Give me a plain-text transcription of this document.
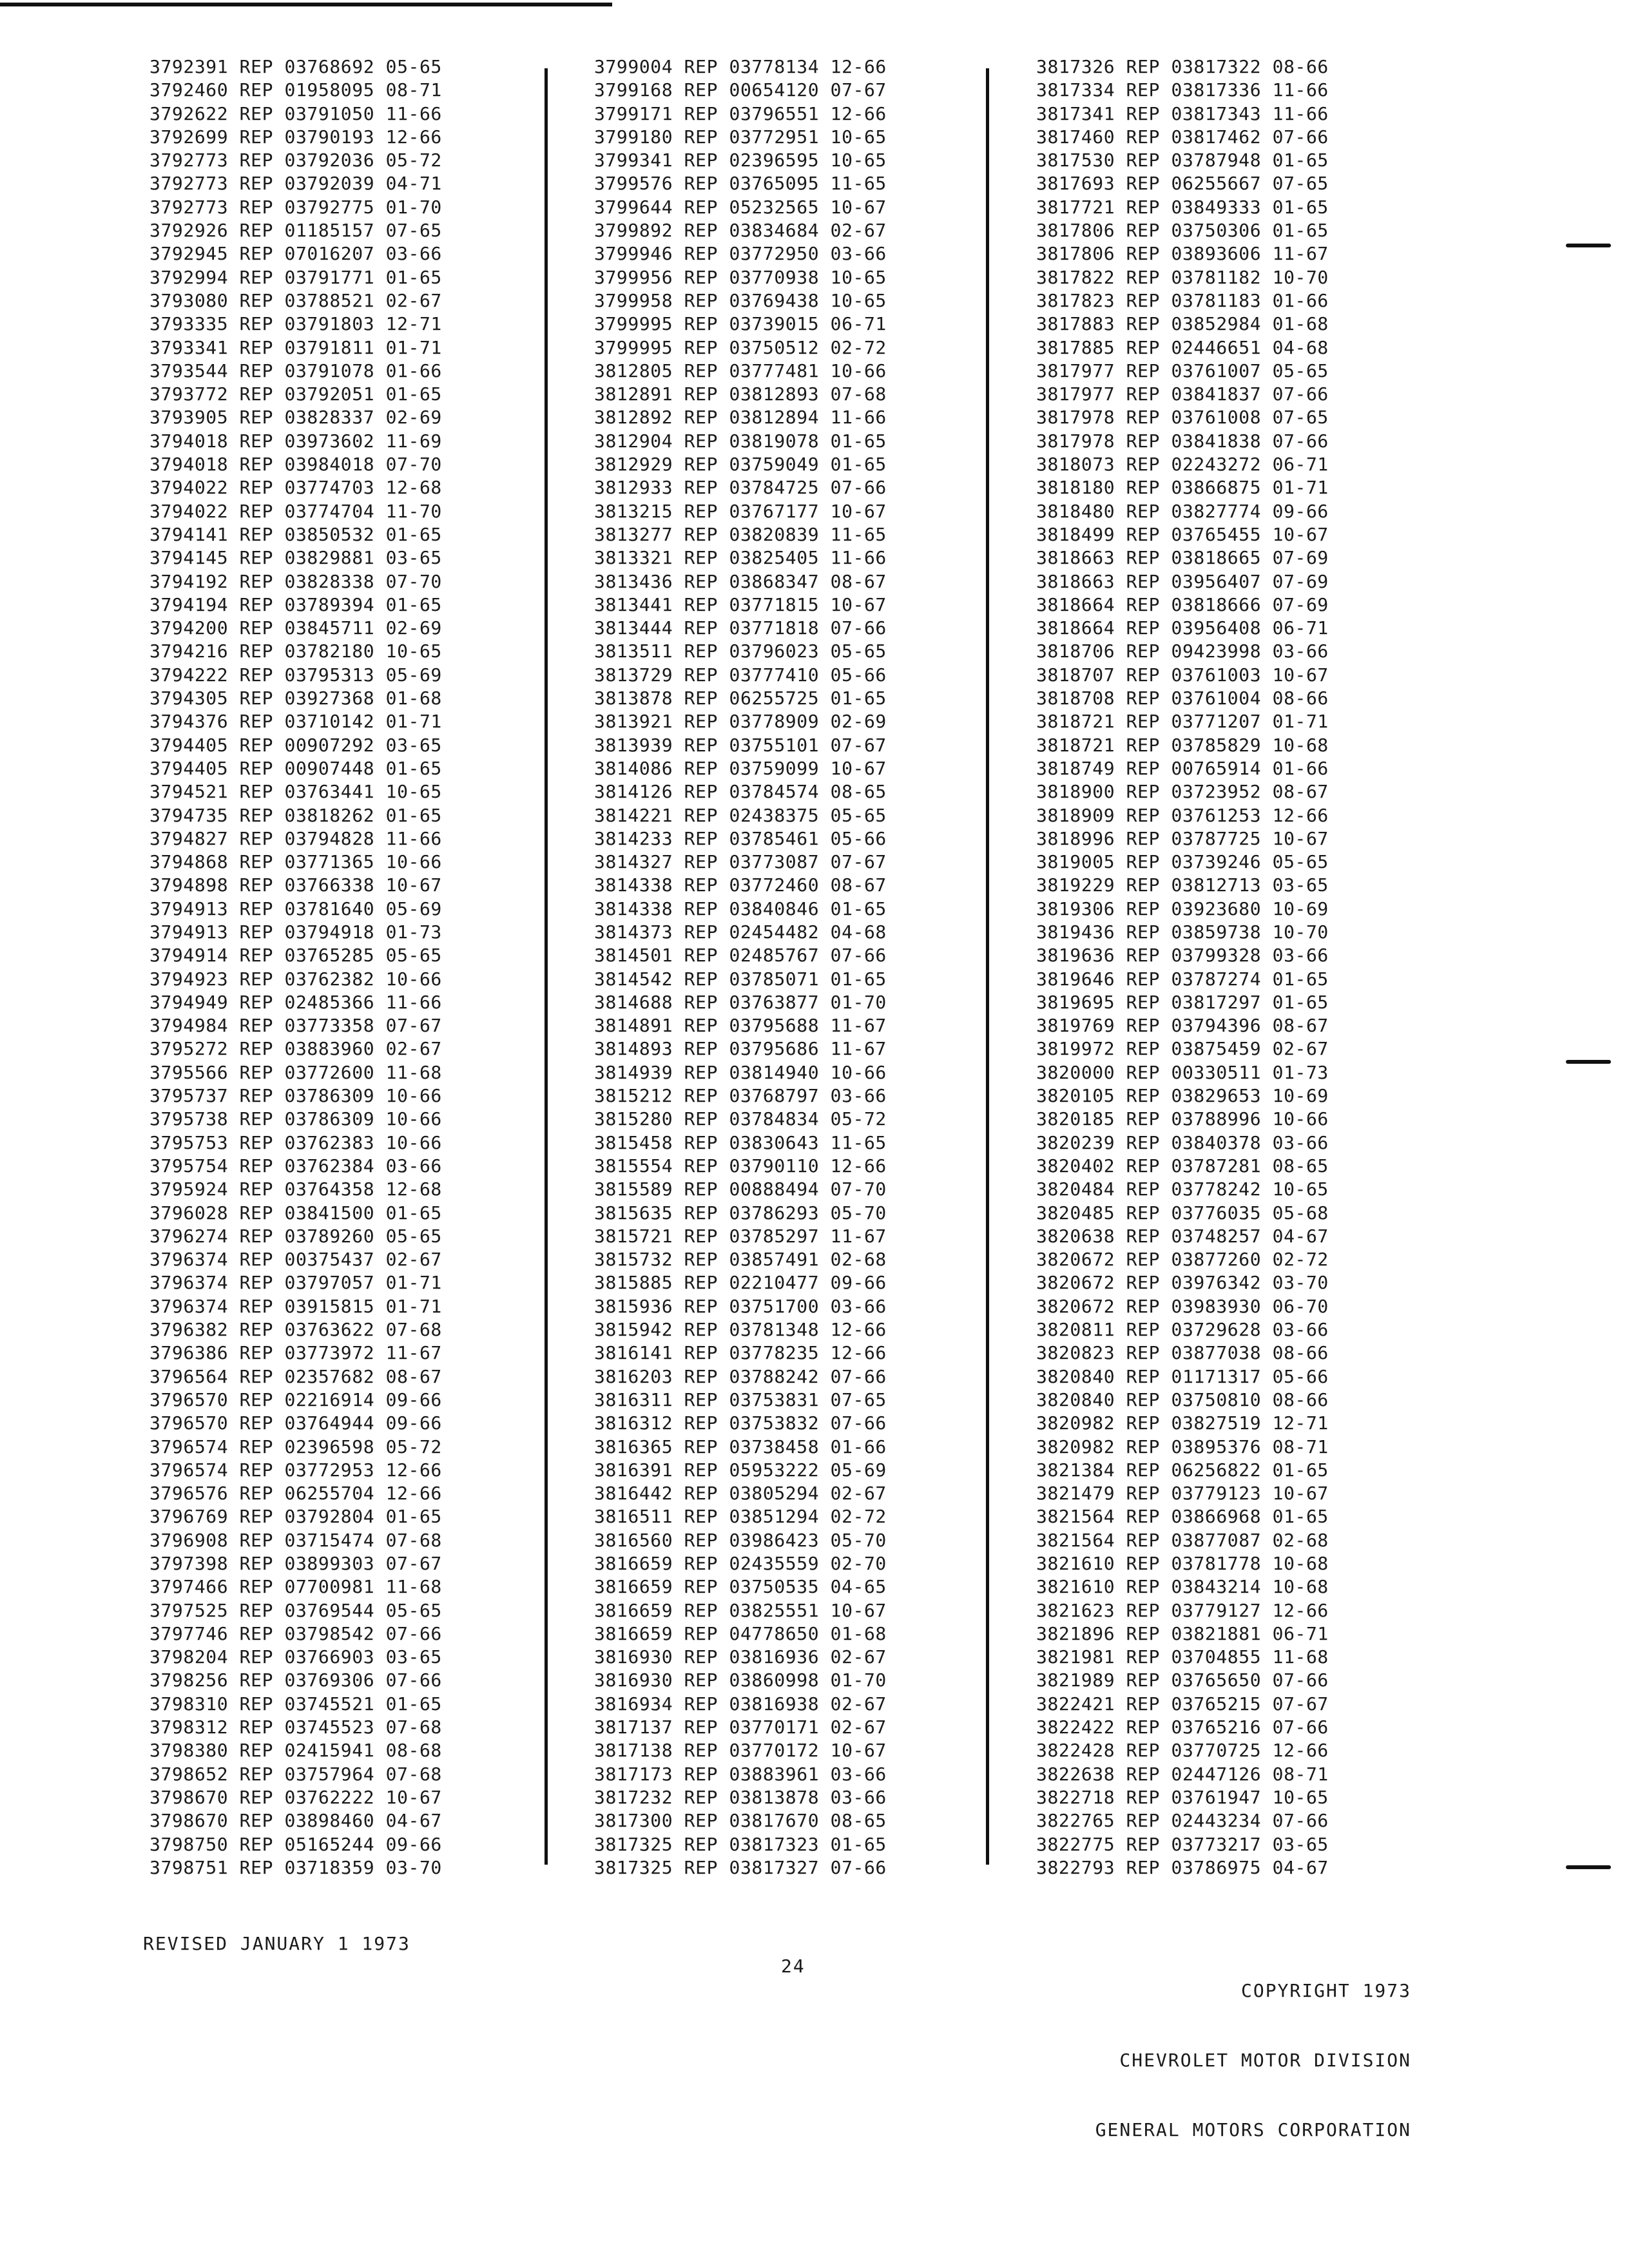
3792391 REP 03768692 05-65
3792460 REP 01958095 08-71
3792622 REP 03791050 11-66
3792699 REP 03790193 12-66
3792773 REP 03792036 05-72
3792773 REP 03792039 04-71
3792773 REP 03792775 01-70
3792926 REP 01185157 07-65
3792945 REP 07016207 03-66
3792994 REP 03791771 01-65
3793080 REP 03788521 02-67
3793335 REP 03791803 12-71
3793341 REP 03791811 01-71
3793544 REP 03791078 01-66
3793772 REP 03792051 01-65
3793905 REP 03828337 02-69
3794018 REP 03973602 11-69
3794018 REP 03984018 07-70
3794022 REP 03774703 12-68
3794022 REP 03774704 11-70
3794141 REP 03850532 01-65
3794145 REP 03829881 03-65
3794192 REP 03828338 07-70
3794194 REP 03789394 01-65
3794200 REP 03845711 02-69
3794216 REP 03782180 10-65
3794222 REP 03795313 05-69
3794305 REP 03927368 01-68
3794376 REP 03710142 01-71
3794405 REP 00907292 03-65
3794405 REP 00907448 01-65
3794521 REP 03763441 10-65
3794735 REP 03818262 01-65
3794827 REP 03794828 11-66
3794868 REP 03771365 10-66
3794898 REP 03766338 10-67
3794913 REP 03781640 05-69
3794913 REP 03794918 01-73
3794914 REP 03765285 05-65
3794923 REP 03762382 10-66
3794949 REP 02485366 11-66
3794984 REP 03773358 07-67
3795272 REP 03883960 02-67
3795566 REP 03772600 11-68
3795737 REP 03786309 10-66
3795738 REP 03786309 10-66
3795753 REP 03762383 10-66
3795754 REP 03762384 03-66
3795924 REP 03764358 12-68
3796028 REP 03841500 01-65
3796274 REP 03789260 05-65
3796374 REP 00375437 02-67
3796374 REP 03797057 01-71
3796374 REP 03915815 01-71
3796382 REP 03763622 07-68
3796386 REP 03773972 11-67
3796564 REP 02357682 08-67
3796570 REP 02216914 09-66
3796570 REP 03764944 09-66
3796574 REP 02396598 05-72
3796574 REP 03772953 12-66
3796576 REP 06255704 12-66
3796769 REP 03792804 01-65
3796908 REP 03715474 07-68
3797398 REP 03899303 07-67
3797466 REP 07700981 11-68
3797525 REP 03769544 05-65
3797746 REP 03798542 07-66
3798204 REP 03766903 03-65
3798256 REP 03769306 07-66
3798310 REP 03745521 01-65
3798312 REP 03745523 07-68
3798380 REP 02415941 08-68
3798652 REP 03757964 07-68
3798670 REP 03762222 10-67
3798670 REP 03898460 04-67
3798750 REP 05165244 09-66
3798751 REP 03718359 03-70
3799004 REP 03778134 12-66
3799168 REP 00654120 07-67
3799171 REP 03796551 12-66
3799180 REP 03772951 10-65
3799341 REP 02396595 10-65
3799576 REP 03765095 11-65
3799644 REP 05232565 10-67
3799892 REP 03834684 02-67
3799946 REP 03772950 03-66
3799956 REP 03770938 10-65
3799958 REP 03769438 10-65
3799995 REP 03739015 06-71
3799995 REP 03750512 02-72
3812805 REP 03777481 10-66
3812891 REP 03812893 07-68
3812892 REP 03812894 11-66
3812904 REP 03819078 01-65
3812929 REP 03759049 01-65
3812933 REP 03784725 07-66
3813215 REP 03767177 10-67
3813277 REP 03820839 11-65
3813321 REP 03825405 11-66
3813436 REP 03868347 08-67
3813441 REP 03771815 10-67
3813444 REP 03771818 07-66
3813511 REP 03796023 05-65
3813729 REP 03777410 05-66
3813878 REP 06255725 01-65
3813921 REP 03778909 02-69
3813939 REP 03755101 07-67
3814086 REP 03759099 10-67
3814126 REP 03784574 08-65
3814221 REP 02438375 05-65
3814233 REP 03785461 05-66
3814327 REP 03773087 07-67
3814338 REP 03772460 08-67
3814338 REP 03840846 01-65
3814373 REP 02454482 04-68
3814501 REP 02485767 07-66
3814542 REP 03785071 01-65
3814688 REP 03763877 01-70
3814891 REP 03795688 11-67
3814893 REP 03795686 11-67
3814939 REP 03814940 10-66
3815212 REP 03768797 03-66
3815280 REP 03784834 05-72
3815458 REP 03830643 11-65
3815554 REP 03790110 12-66
3815589 REP 00888494 07-70
3815635 REP 03786293 05-70
3815721 REP 03785297 11-67
3815732 REP 03857491 02-68
3815885 REP 02210477 09-66
3815936 REP 03751700 03-66
3815942 REP 03781348 12-66
3816141 REP 03778235 12-66
3816203 REP 03788242 07-66
3816311 REP 03753831 07-65
3816312 REP 03753832 07-66
3816365 REP 03738458 01-66
3816391 REP 05953222 05-69
3816442 REP 03805294 02-67
3816511 REP 03851294 02-72
3816560 REP 03986423 05-70
3816659 REP 02435559 02-70
3816659 REP 03750535 04-65
3816659 REP 03825551 10-67
3816659 REP 04778650 01-68
3816930 REP 03816936 02-67
3816930 REP 03860998 01-70
3816934 REP 03816938 02-67
3817137 REP 03770171 02-67
3817138 REP 03770172 10-67
3817173 REP 03883961 03-66
3817232 REP 03813878 03-66
3817300 REP 03817670 08-65
3817325 REP 03817323 01-65
3817325 REP 03817327 07-66
3817326 REP 03817322 08-66
3817334 REP 03817336 11-66
3817341 REP 03817343 11-66
3817460 REP 03817462 07-66
3817530 REP 03787948 01-65
3817693 REP 06255667 07-65
3817721 REP 03849333 01-65
3817806 REP 03750306 01-65
3817806 REP 03893606 11-67
3817822 REP 03781182 10-70
3817823 REP 03781183 01-66
3817883 REP 03852984 01-68
3817885 REP 02446651 04-68
3817977 REP 03761007 05-65
3817977 REP 03841837 07-66
3817978 REP 03761008 07-65
3817978 REP 03841838 07-66
3818073 REP 02243272 06-71
3818180 REP 03866875 01-71
3818480 REP 03827774 09-66
3818499 REP 03765455 10-67
3818663 REP 03818665 07-69
3818663 REP 03956407 07-69
3818664 REP 03818666 07-69
3818664 REP 03956408 06-71
3818706 REP 09423998 03-66
3818707 REP 03761003 10-67
3818708 REP 03761004 08-66
3818721 REP 03771207 01-71
3818721 REP 03785829 10-68
3818749 REP 00765914 01-66
3818900 REP 03723952 08-67
3818909 REP 03761253 12-66
3818996 REP 03787725 10-67
3819005 REP 03739246 05-65
3819229 REP 03812713 03-65
3819306 REP 03923680 10-69
3819436 REP 03859738 10-70
3819636 REP 03799328 03-66
3819646 REP 03787274 01-65
3819695 REP 03817297 01-65
3819769 REP 03794396 08-67
3819972 REP 03875459 02-67
3820000 REP 00330511 01-73
3820105 REP 03829653 10-69
3820185 REP 03788996 10-66
3820239 REP 03840378 03-66
3820402 REP 03787281 08-65
3820484 REP 03778242 10-65
3820485 REP 03776035 05-68
3820638 REP 03748257 04-67
3820672 REP 03877260 02-72
3820672 REP 03976342 03-70
3820672 REP 03983930 06-70
3820811 REP 03729628 03-66
3820823 REP 03877038 08-66
3820840 REP 01171317 05-66
3820840 REP 03750810 08-66
3820982 REP 03827519 12-71
3820982 REP 03895376 08-71
3821384 REP 06256822 01-65
3821479 REP 03779123 10-67
3821564 REP 03866968 01-65
3821564 REP 03877087 02-68
3821610 REP 03781778 10-68
3821610 REP 03843214 10-68
3821623 REP 03779127 12-66
3821896 REP 03821881 06-71
3821981 REP 03704855 11-68
3821989 REP 03765650 07-66
3822421 REP 03765215 07-67
3822422 REP 03765216 07-66
3822428 REP 03770725 12-66
3822638 REP 02447126 08-71
3822718 REP 03761947 10-65
3822765 REP 02443234 07-66
3822775 REP 03773217 03-65
3822793 REP 03786975 04-67
REVISED JANUARY 1 1973
24

COPYRIGHT 1973

CHEVROLET MOTOR DIVISION

GENERAL MOTORS CORPORATION
